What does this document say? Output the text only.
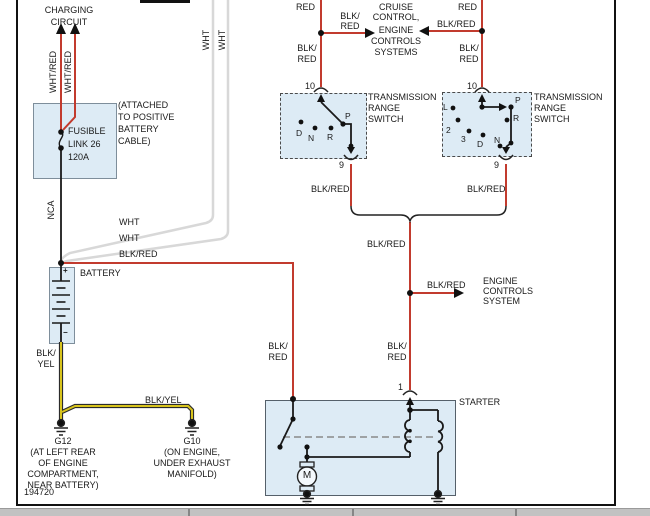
CHARGING
CIRCUIT
WHT/RED WHT/RED
FUSIBLE
LINK 26
120A
(ATTACHED
TO POSITIVE
BATTERY
CABLE)
NCA
WHT WHT
WHT
WHT
BLK/RED
BATTERY
+
−
BLK/
YEL
BLK/YEL
G12
(AT LEFT REAR
OF ENGINE
COMPARTMENT,
NEAR BATTERY)
G10
(ON ENGINE,
UNDER EXHAUST
MANIFOLD)
RED	RED
BLK/
RED	BLK/RED
CRUISE
CONTROL,
ENGINE
CONTROLS
SYSTEMS
BLK/
RED
BLK/
RED
10	10
TRANSMISSION
RANGE
SWITCH
TRANSMISSION
RANGE
SWITCH
P
D N R
L
P
R
2
3 D N
9	9
BLK/RED	BLK/RED
BLK/RED
BLK/RED ENGINE
CONTROLS
SYSTEM
BLK/
RED
BLK/
RED
1
STARTER
M
194720
